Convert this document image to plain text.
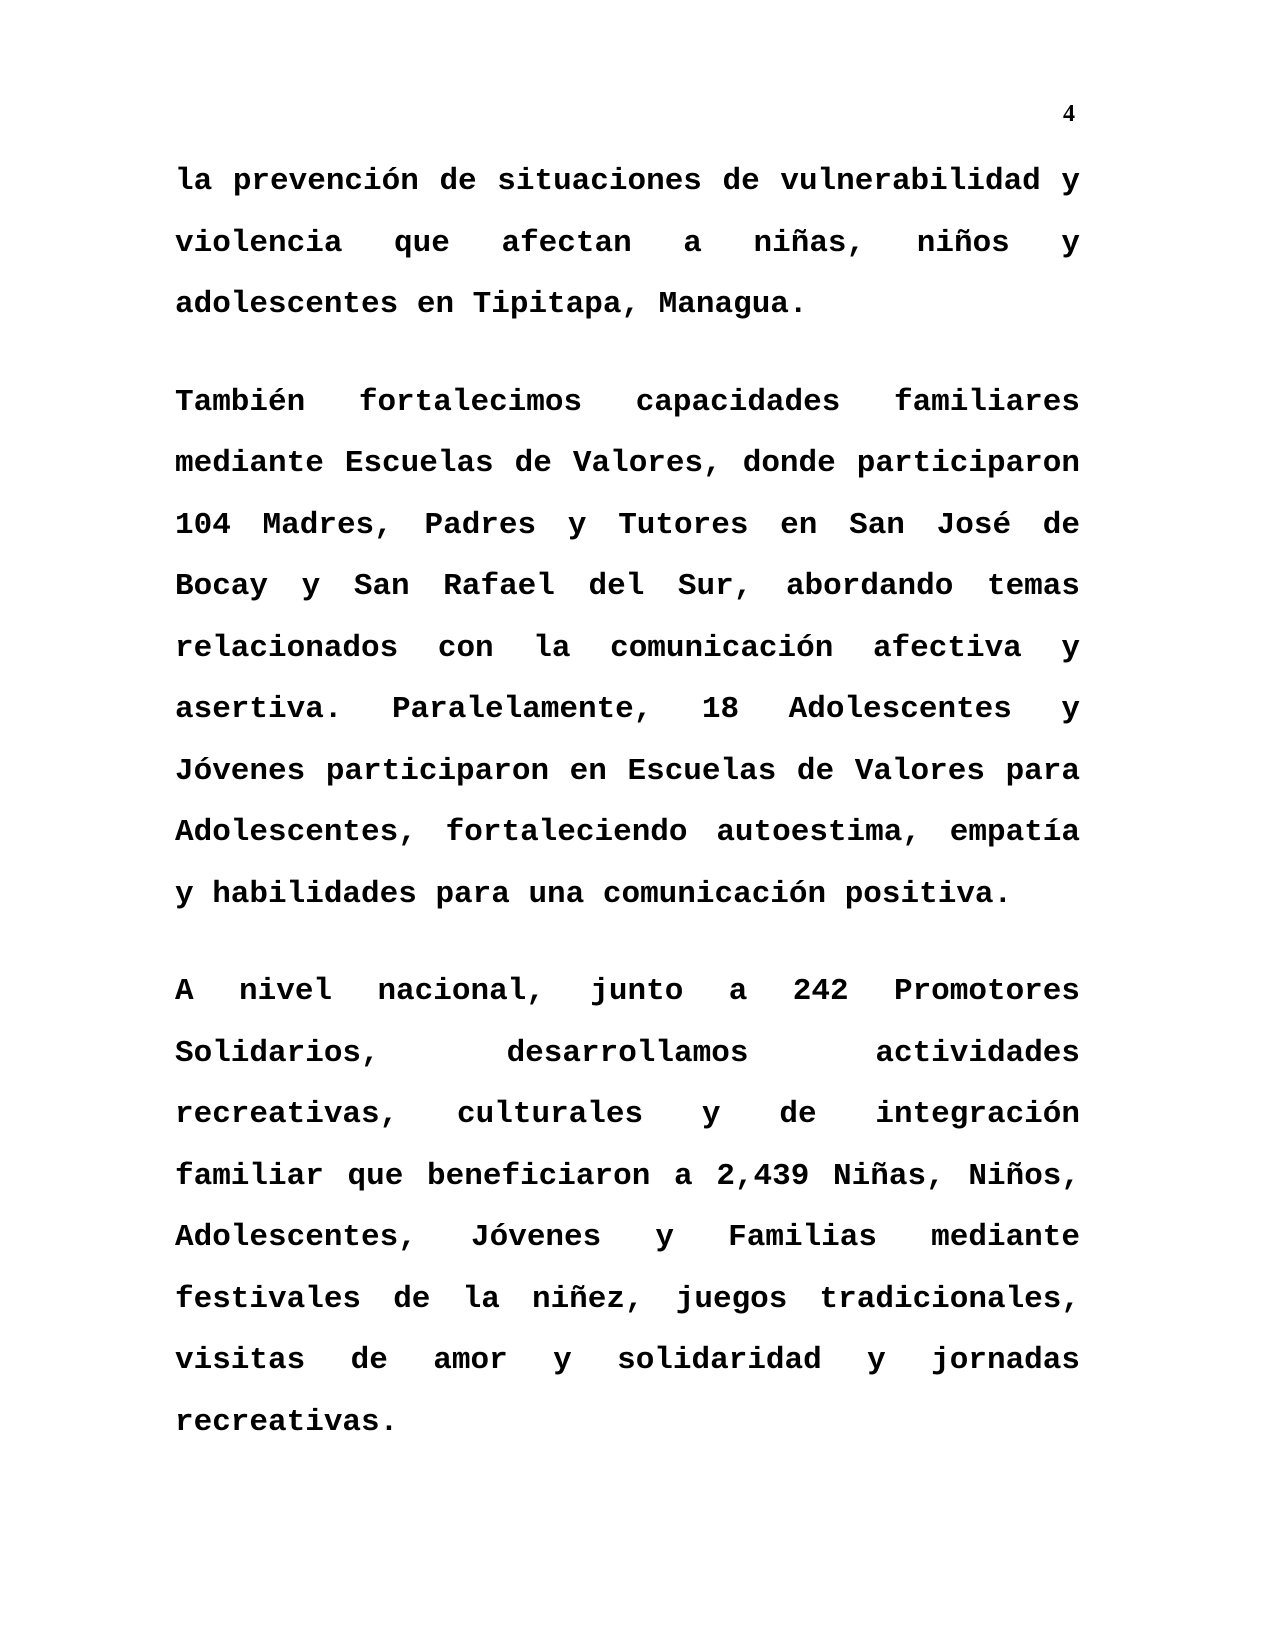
4

la prevención de situaciones de vulnerabilidad y violencia que afectan a niñas, niños y adolescentes en Tipitapa, Managua.

También fortalecimos capacidades familiares mediante Escuelas de Valores, donde participaron 104 Madres, Padres y Tutores en San José de Bocay y San Rafael del Sur, abordando temas relacionados con la comunicación afectiva y asertiva. Paralelamente, 18 Adolescentes y Jóvenes participaron en Escuelas de Valores para Adolescentes, fortaleciendo autoestima, empatía y habilidades para una comunicación positiva.

A nivel nacional, junto a 242 Promotores Solidarios, desarrollamos actividades recreativas, culturales y de integración familiar que beneficiaron a 2,439 Niñas, Niños, Adolescentes, Jóvenes y Familias mediante festivales de la niñez, juegos tradicionales, visitas de amor y solidaridad y jornadas recreativas.
